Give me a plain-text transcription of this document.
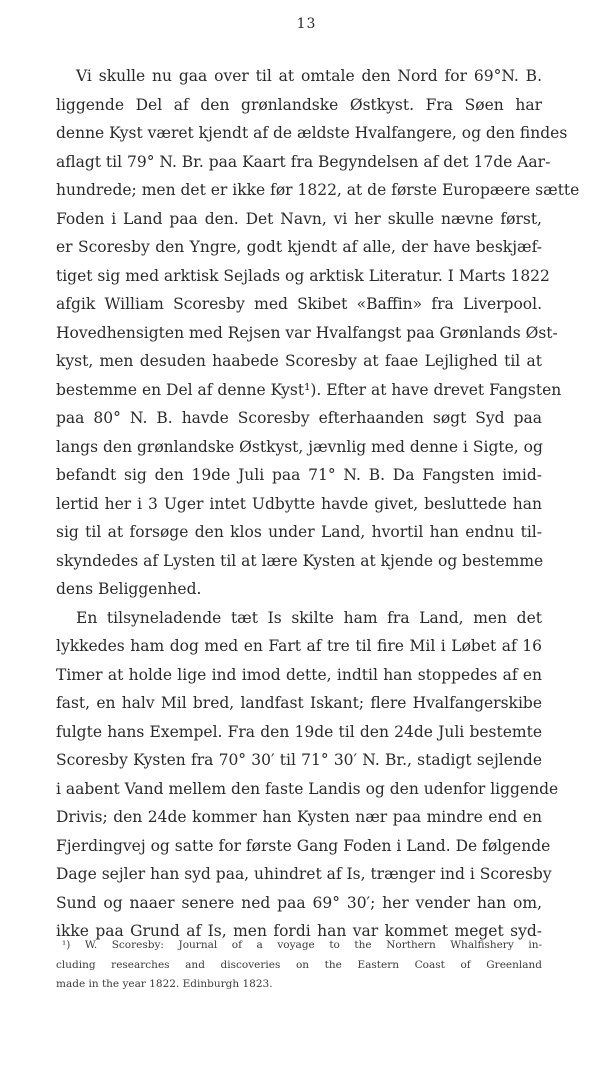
13
Vi skulle nu gaa over til at omtale den Nord for 69°N. B.
liggende Del af den grønlandske Østkyst. Fra Søen har
denne Kyst været kjendt af de ældste Hvalfangere, og den findes
aflagt til 79° N. Br. paa Kaart fra Begyndelsen af det 17de Aar-
hundrede; men det er ikke før 1822, at de første Europæere sætte
Foden i Land paa den. Det Navn, vi her skulle nævne først,
er Scoresby den Yngre, godt kjendt af alle, der have beskjæf-
tiget sig med arktisk Sejlads og arktisk Literatur. I Marts 1822
afgik William Scoresby med Skibet «Baffin» fra Liverpool.
Hovedhensigten med Rejsen var Hvalfangst paa Grønlands Øst-
kyst, men desuden haabede Scoresby at faae Lejlighed til at
bestemme en Del af denne Kyst¹). Efter at have drevet Fangsten
paa 80° N. B. havde Scoresby efterhaanden søgt Syd paa
langs den grønlandske Østkyst, jævnlig med denne i Sigte, og
befandt sig den 19de Juli paa 71° N. B. Da Fangsten imid-
lertid her i 3 Uger intet Udbytte havde givet, besluttede han
sig til at forsøge den klos under Land, hvortil han endnu til-
skyndedes af Lysten til at lære Kysten at kjende og bestemme
dens Beliggenhed.
En tilsyneladende tæt Is skilte ham fra Land, men det
lykkedes ham dog med en Fart af tre til fire Mil i Løbet af 16
Timer at holde lige ind imod dette, indtil han stoppedes af en
fast, en halv Mil bred, landfast Iskant; flere Hvalfangerskibe
fulgte hans Exempel. Fra den 19de til den 24de Juli bestemte
Scoresby Kysten fra 70° 30′ til 71° 30′ N. Br., stadigt sejlende
i aabent Vand mellem den faste Landis og den udenfor liggende
Drivis; den 24de kommer han Kysten nær paa mindre end en
Fjerdingvej og satte for første Gang Foden i Land. De følgende
Dage sejler han syd paa, uhindret af Is, trænger ind i Scoresby
Sund og naaer senere ned paa 69° 30′; her vender han om,
ikke paa Grund af Is, men fordi han var kommet meget syd-
¹) W. Scoresby: Journal of a voyage to the Northern Whalfishery in-
cluding researches and discoveries on the Eastern Coast of Greenland
made in the year 1822. Edinburgh 1823.
